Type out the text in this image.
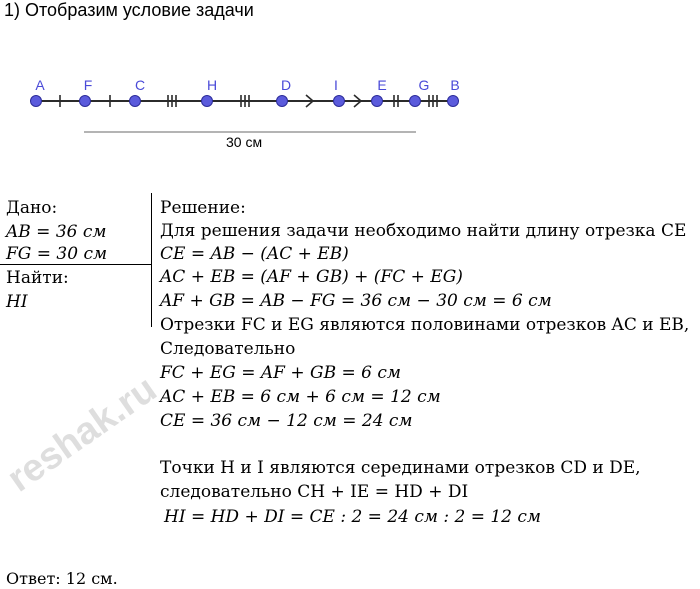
1) Отобразим условие задачи
A	F	C	H	D	I	E G B
30 см
Дано:
AB = 36 см
FG = 30 см
Найти:
HI
Решение:
Для решения задачи необходимо найти длину отрезка CE
CE = AB − (AC + EB)
AC + EB = (AF + GB) + (FC + EG)
AF + GB = AB − FG = 36 см − 30 см = 6 см
Отрезки FC и EG являются половинами отрезков AC и EB,
Следовательно
FC + EG = AF + GB = 6 см
AC + EB = 6 см + 6 см = 12 см
CE = 36 см − 12 см = 24 см
Точки H и I являются серединами отрезков CD и DE,
следовательно CH + IE = HD + DI
HI = HD + DI = CE : 2 = 24 см : 2 = 12 см
reshak.ru
Ответ: 12 см.
